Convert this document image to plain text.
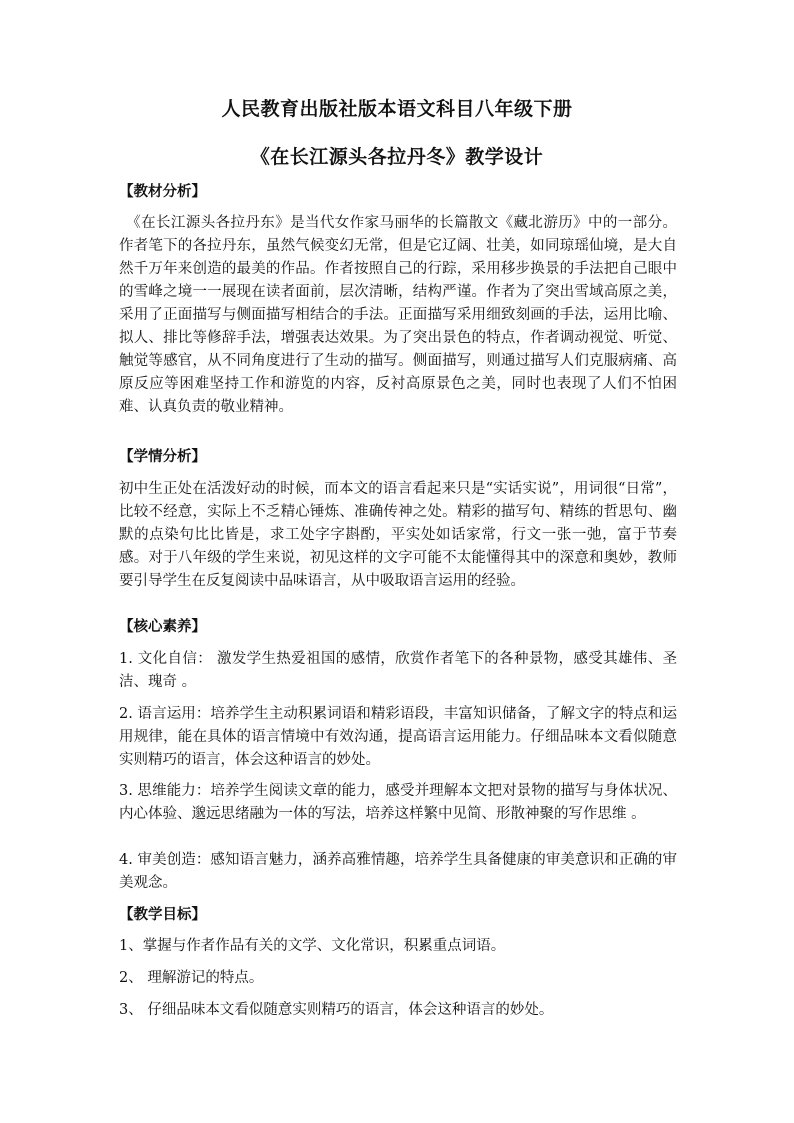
人民教育出版社版本语文科目八年级下册
《在长江源头各拉丹冬》教学设计
【教材分析】
《在长江源头各拉丹东》是当代女作家马丽华的长篇散文《藏北游历》中的一部分。作者笔下的各拉丹东，虽然气候变幻无常，但是它辽阔、壮美，如同琼瑶仙境，是大自然千万年来创造的最美的作品。作者按照自己的行踪，采用移步换景的手法把自己眼中的雪峰之境一一展现在读者面前，层次清晰，结构严谨。作者为了突出雪域高原之美，采用了正面描写与侧面描写相结合的手法。正面描写采用细致刻画的手法，运用比喻、拟人、排比等修辞手法，增强表达效果。为了突出景色的特点，作者调动视觉、听觉、触觉等感官，从不同角度进行了生动的描写。侧面描写，则通过描写人们克服病痛、高原反应等困难坚持工作和游览的内容，反衬高原景色之美，同时也表现了人们不怕困难、认真负责的敬业精神。
【学情分析】
初中生正处在活泼好动的时候，而本文的语言看起来只是“实话实说”，用词很“日常”，比较不经意，实际上不乏精心锤炼、准确传神之处。精彩的描写句、精练的哲思句、幽默的点染句比比皆是，求工处字字斟酌，平实处如话家常，行文一张一弛，富于节奏感。对于八年级的学生来说，初见这样的文字可能不太能懂得其中的深意和奥妙，教师要引导学生在反复阅读中品味语言，从中吸取语言运用的经验。
【核心素养】
1. 文化自信： 激发学生热爱祖国的感情，欣赏作者笔下的各种景物，感受其雄伟、圣洁、瑰奇 。
2. 语言运用：培养学生主动积累词语和精彩语段，丰富知识储备，了解文字的特点和运用规律，能在具体的语言情境中有效沟通，提高语言运用能力。仔细品味本文看似随意实则精巧的语言，体会这种语言的妙处。
3. 思维能力：培养学生阅读文章的能力，感受并理解本文把对景物的描写与身体状况、内心体验、邈远思绪融为一体的写法，培养这样繁中见简、形散神聚的写作思维 。
4. 审美创造：感知语言魅力，涵养高雅情趣，培养学生具备健康的审美意识和正确的审美观念。
【教学目标】
1、掌握与作者作品有关的文学、文化常识，积累重点词语。
2、 理解游记的特点。
3、 仔细品味本文看似随意实则精巧的语言，体会这种语言的妙处。
